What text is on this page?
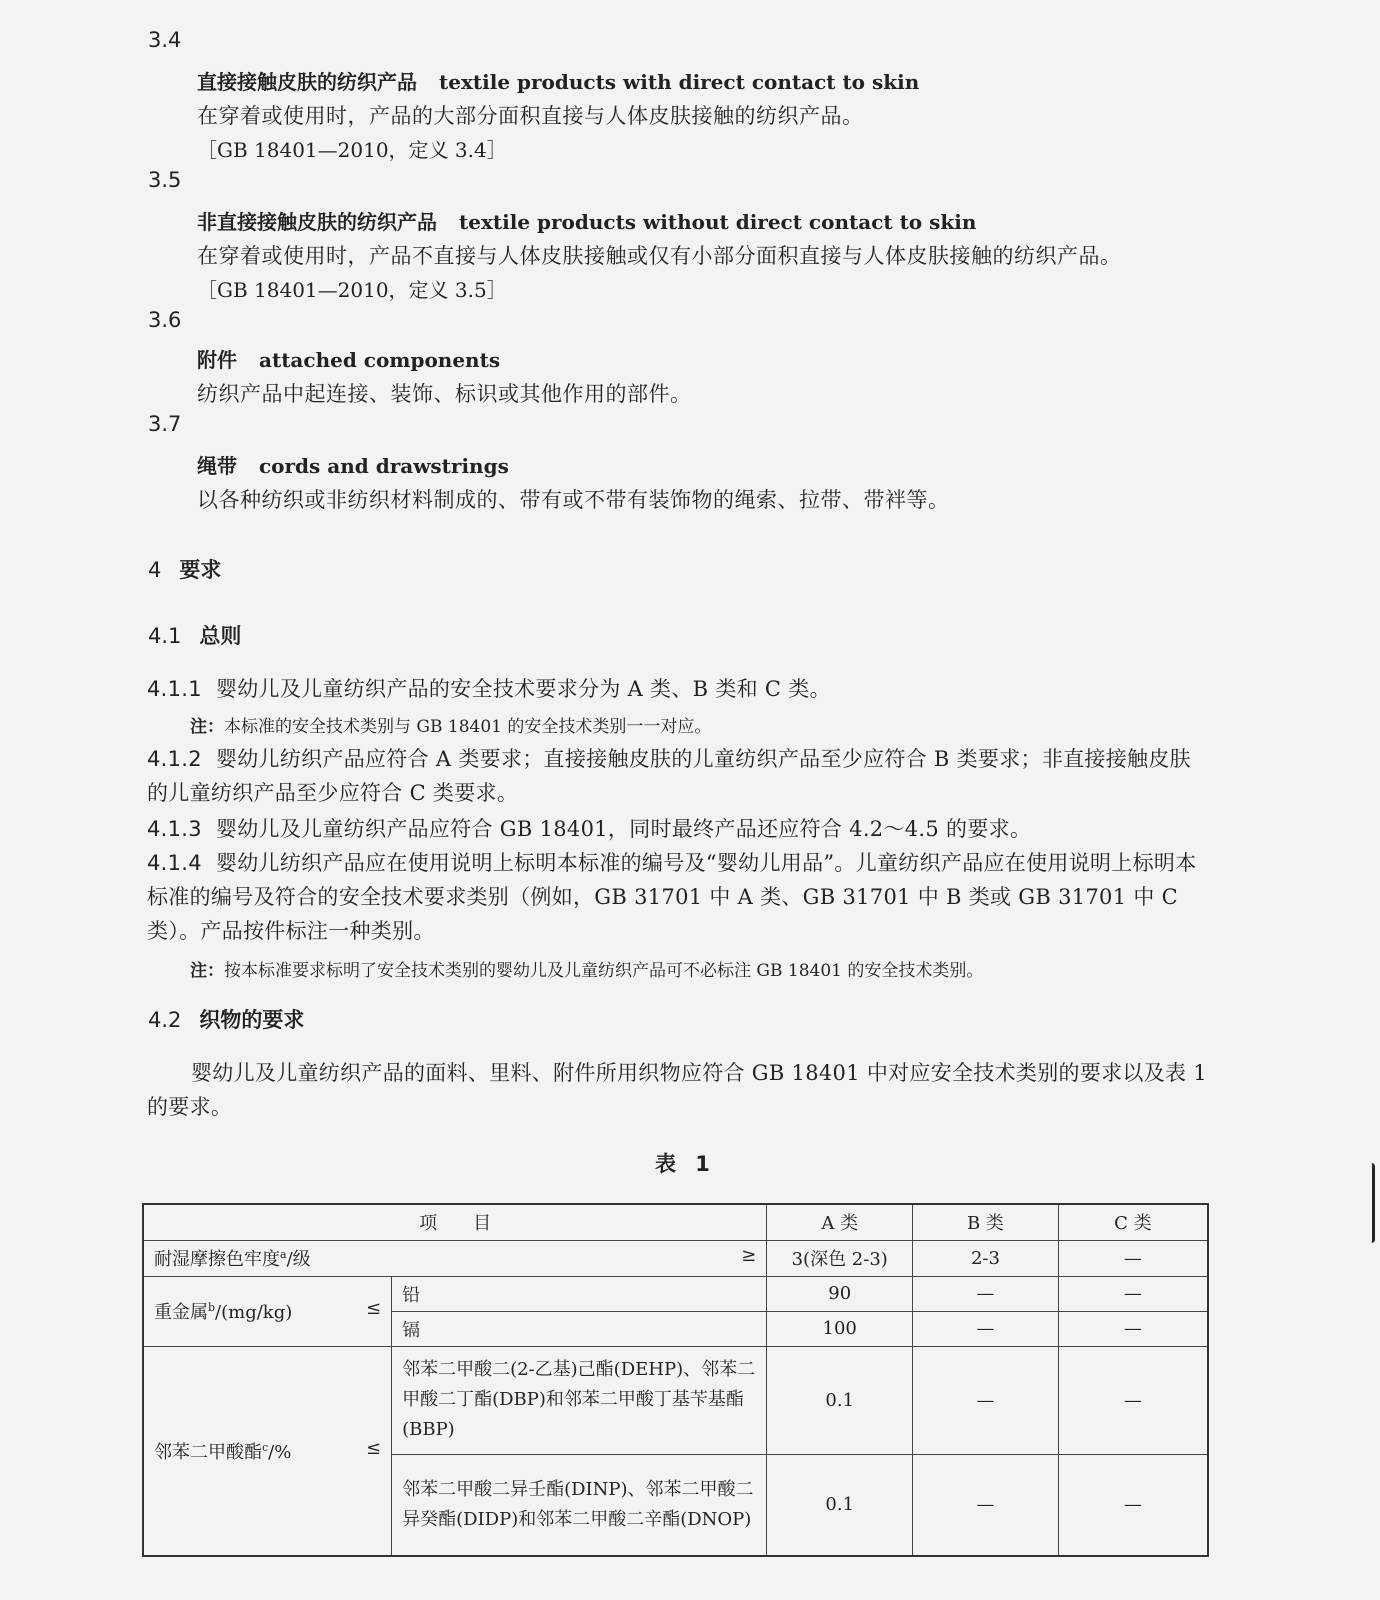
3.4
直接接触皮肤的纺织产品 textile products with direct contact to skin
在穿着或使用时，产品的大部分面积直接与人体皮肤接触的纺织产品。
［GB 18401—2010，定义 3.4］
3.5
非直接接触皮肤的纺织产品 textile products without direct contact to skin
在穿着或使用时，产品不直接与人体皮肤接触或仅有小部分面积直接与人体皮肤接触的纺织产品。
［GB 18401—2010，定义 3.5］
3.6
附件 attached components
纺织产品中起连接、装饰、标识或其他作用的部件。
3.7
绳带 cords and drawstrings
以各种纺织或非纺织材料制成的、带有或不带有装饰物的绳索、拉带、带袢等。
4 要求
4.1 总则
4.1.1 婴幼儿及儿童纺织产品的安全技术要求分为 A 类、B 类和 C 类。
注：本标准的安全技术类别与 GB 18401 的安全技术类别一一对应。
4.1.2 婴幼儿纺织产品应符合 A 类要求；直接接触皮肤的儿童纺织产品至少应符合 B 类要求；非直接接触皮肤的儿童纺织产品至少应符合 C 类要求。
4.1.3 婴幼儿及儿童纺织产品应符合 GB 18401，同时最终产品还应符合 4.2～4.5 的要求。
4.1.4 婴幼儿纺织产品应在使用说明上标明本标准的编号及“婴幼儿用品”。儿童纺织产品应在使用说明上标明本标准的编号及符合的安全技术要求类别（例如，GB 31701 中 A 类、GB 31701 中 B 类或 GB 31701 中 C 类）。产品按件标注一种类别。
注：按本标准要求标明了安全技术类别的婴幼儿及儿童纺织产品可不必标注 GB 18401 的安全技术类别。
4.2 织物的要求
婴幼儿及儿童纺织产品的面料、里料、附件所用织物应符合 GB 18401 中对应安全技术类别的要求以及表 1 的要求。
表 1
项　　目		A 类	B 类	C 类
耐湿摩擦色牢度$^a$/级 ≥		3(深色 2-3)	2-3	—
重金属$^b$/(mg/kg) ≤	铅	90	—	—
	镉	100	—	—
邻苯二甲酸酯$^c$/% ≤	邻苯二甲酸二(2-乙基)己酯(DEHP)、邻苯二甲酸二丁酯(DBP)和邻苯二甲酸丁基苄基酯(BBP)	0.1	—	—
	邻苯二甲酸二异壬酯(DINP)、邻苯二甲酸二异癸酯(DIDP)和邻苯二甲酸二辛酯(DNOP)	0.1	—	—
